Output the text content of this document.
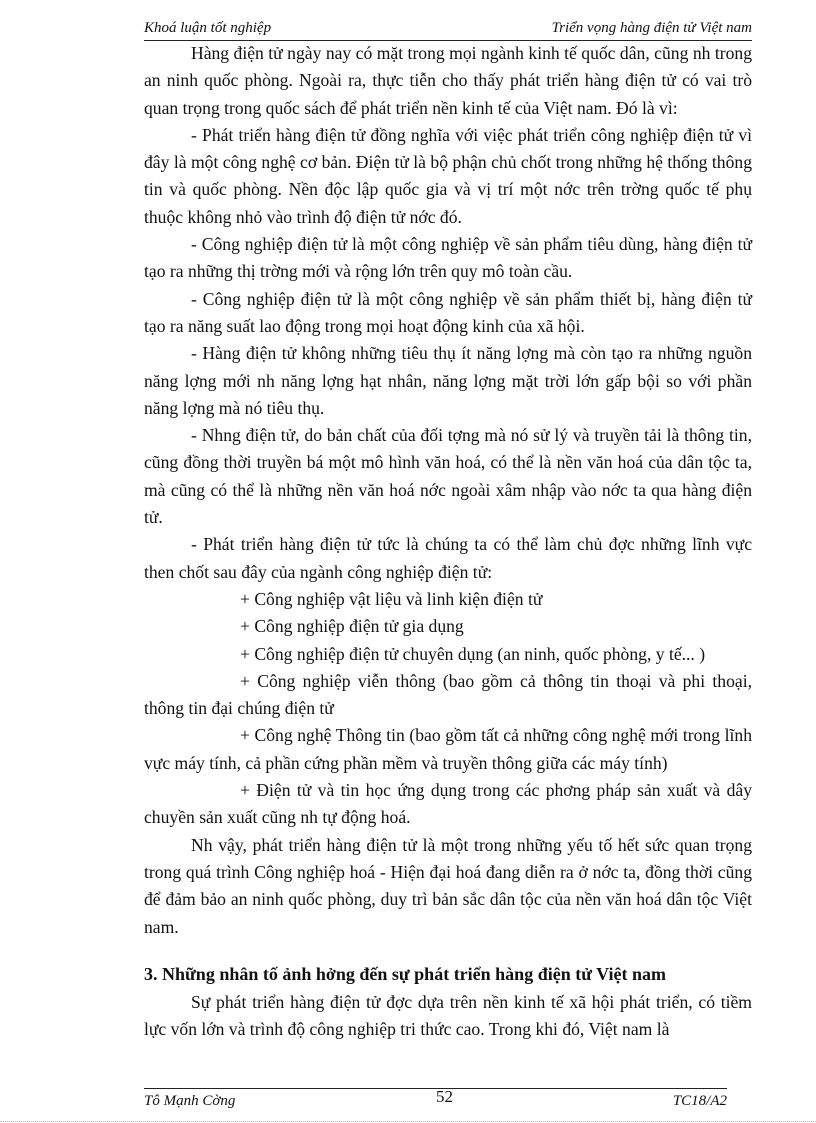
Khoá luận tốt nghiệp	Triển vọng hàng điện tử Việt nam

Hàng điện tử ngày nay có mặt trong mọi ngành kinh tế quốc dân, cũng nh trong an ninh quốc phòng. Ngoài ra, thực tiễn cho thấy phát triển hàng điện tử có vai trò quan trọng trong quốc sách để phát triển nền kinh tế của Việt nam. Đó là vì:

- Phát triển hàng điện tử đồng nghĩa với việc phát triển công nghiệp điện tử vì đây là một công nghệ cơ bản. Điện tử là bộ phận chủ chốt trong những hệ thống thông tin và quốc phòng. Nền độc lập quốc gia và vị trí một nớc trên trờng quốc tế phụ thuộc không nhỏ vào trình độ điện tử nớc đó.

- Công nghiệp điện tử là một công nghiệp về sản phẩm tiêu dùng, hàng điện tử tạo ra những thị trờng mới và rộng lớn trên quy mô toàn cầu.

- Công nghiệp điện tử là một công nghiệp về sản phẩm thiết bị, hàng điện tử tạo ra năng suất lao động trong mọi hoạt động kinh của xã hội.

- Hàng điện tử không những tiêu thụ ít năng lợng mà còn tạo ra những nguồn năng lợng mới nh năng lợng hạt nhân, năng lợng mặt trời lớn gấp bội so với phần năng lợng mà nó tiêu thụ.

- Nhng điện tử, do bản chất của đối tợng mà nó sử lý và truyền tải là thông tin, cũng đồng thời truyền bá một mô hình văn hoá, có thể là nền văn hoá của dân tộc ta, mà cũng có thể là những nền văn hoá nớc ngoài xâm nhập vào nớc ta qua hàng điện tử.

- Phát triển hàng điện tử tức là chúng ta có thể làm chủ đợc những lĩnh vực then chốt sau đây của ngành công nghiệp điện tử:

+ Công nghiệp vật liệu và linh kiện điện tử

+ Công nghiệp điện tử gia dụng

+ Công nghiệp điện tử chuyên dụng (an ninh, quốc phòng, y tế... )

+ Công nghiệp viễn thông (bao gồm cả thông tin thoại và phi thoại, thông tin đại chúng điện tử

+ Công nghệ Thông tin (bao gồm tất cả những công nghệ mới trong lĩnh vực máy tính, cả phần cứng phần mềm và truyền thông giữa các máy tính)

+ Điện tử và tin học ứng dụng trong các phơng pháp sản xuất và dây chuyền sản xuất cũng nh tự động hoá.

Nh vậy, phát triển hàng điện tử là một trong những yếu tố hết sức quan trọng trong quá trình Công nghiệp hoá - Hiện đại hoá đang diễn ra ở nớc ta, đồng thời cũng để đảm bảo an ninh quốc phòng, duy trì bản sắc dân tộc của nền văn hoá dân tộc Việt nam.

3. Những nhân tố ảnh hởng đến sự phát triển hàng điện tử Việt nam

Sự phát triển hàng điện tử đợc dựa trên nền kinh tế xã hội phát triển, có tiềm lực vốn lớn và trình độ công nghiệp tri thức cao. Trong khi đó, Việt nam là

Tô Mạnh Cờng	52	TC18/A2
